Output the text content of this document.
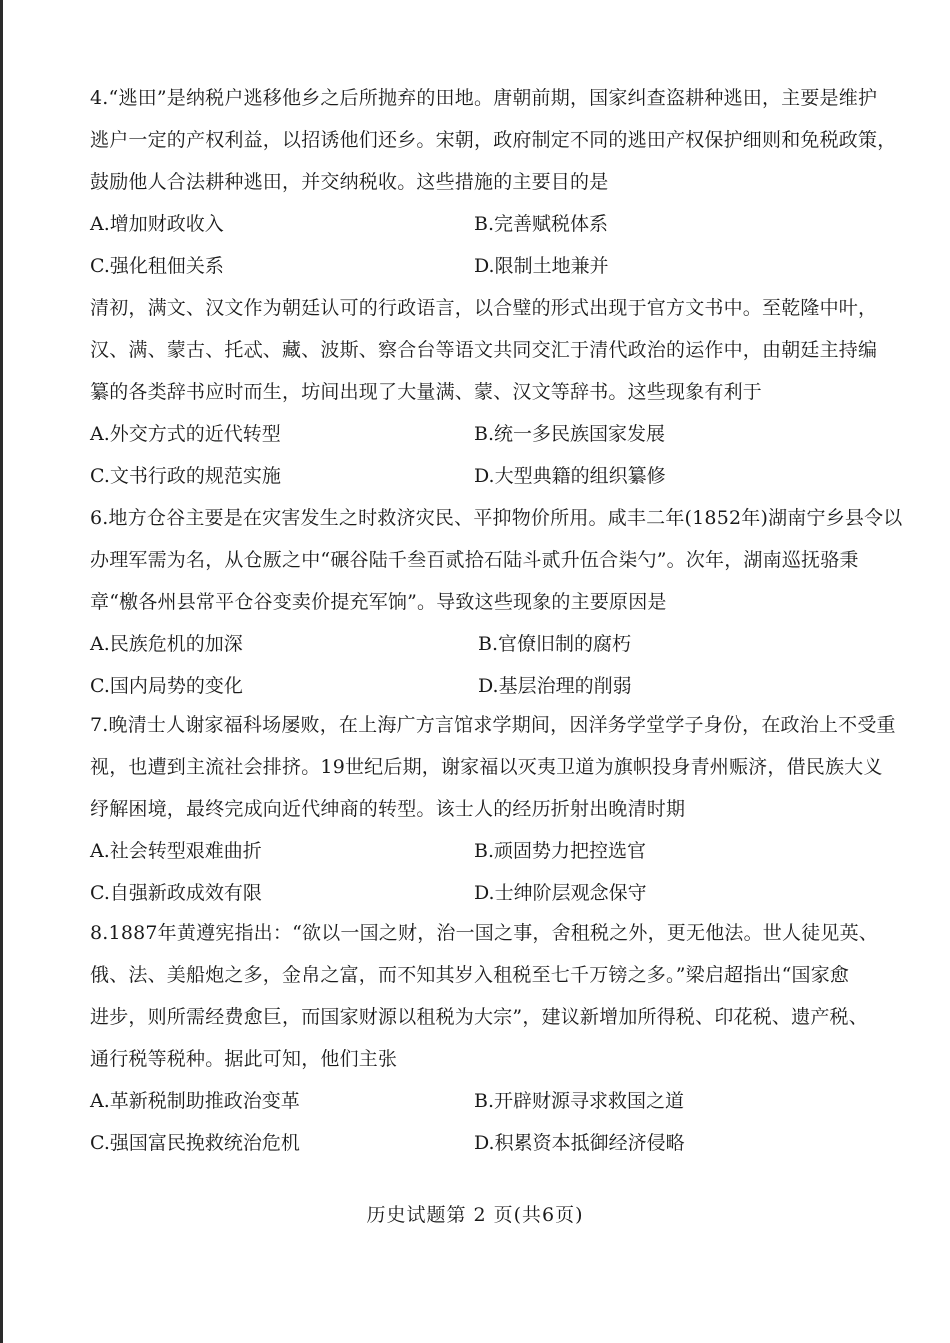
4.“逃田”是纳税户逃移他乡之后所抛弃的田地。唐朝前期，国家纠查盗耕种逃田，主要是维护

逃户一定的产权利益，以招诱他们还乡。宋朝，政府制定不同的逃田产权保护细则和免税政策，

鼓励他人合法耕种逃田，并交纳税收。这些措施的主要目的是

A.增加财政收入	B.完善赋税体系
C.强化租佃关系	D.限制土地兼并

清初，满文、汉文作为朝廷认可的行政语言，以合璧的形式出现于官方文书中。至乾隆中叶，

汉、满、蒙古、托忒、藏、波斯、察合台等语文共同交汇于清代政治的运作中，由朝廷主持编

纂的各类辞书应时而生，坊间出现了大量满、蒙、汉文等辞书。这些现象有利于

A.外交方式的近代转型	B.统一多民族国家发展
C.文书行政的规范实施	D.大型典籍的组织纂修

6.地方仓谷主要是在灾害发生之时救济灾民、平抑物价所用。咸丰二年(1852年)湖南宁乡县令以

办理军需为名，从仓厫之中“碾谷陆千叁百贰拾石陆斗贰升伍合柒勺”。次年，湖南巡抚骆秉

章“檄各州县常平仓谷变卖价提充军饷”。导致这些现象的主要原因是

A.民族危机的加深	B.官僚旧制的腐朽
C.国内局势的变化	D.基层治理的削弱

7.晚清士人谢家福科场屡败，在上海广方言馆求学期间，因洋务学堂学子身份，在政治上不受重

视，也遭到主流社会排挤。19世纪后期，谢家福以灭夷卫道为旗帜投身青州赈济，借民族大义

纾解困境，最终完成向近代绅商的转型。该士人的经历折射出晚清时期

A.社会转型艰难曲折	B.顽固势力把控选官
C.自强新政成效有限	D.士绅阶层观念保守

8.1887年黄遵宪指出：“欲以一国之财，治一国之事，舍租税之外，更无他法。世人徒见英、

俄、法、美船炮之多，金帛之富，而不知其岁入租税至七千万镑之多。”梁启超指出“国家愈

进步，则所需经费愈巨，而国家财源以租税为大宗”，建议新增加所得税、印花税、遗产税、

通行税等税种。据此可知，他们主张

A.革新税制助推政治变革	B.开辟财源寻求救国之道
C.强国富民挽救统治危机	D.积累资本抵御经济侵略
历史试题第 2 页(共6页)
